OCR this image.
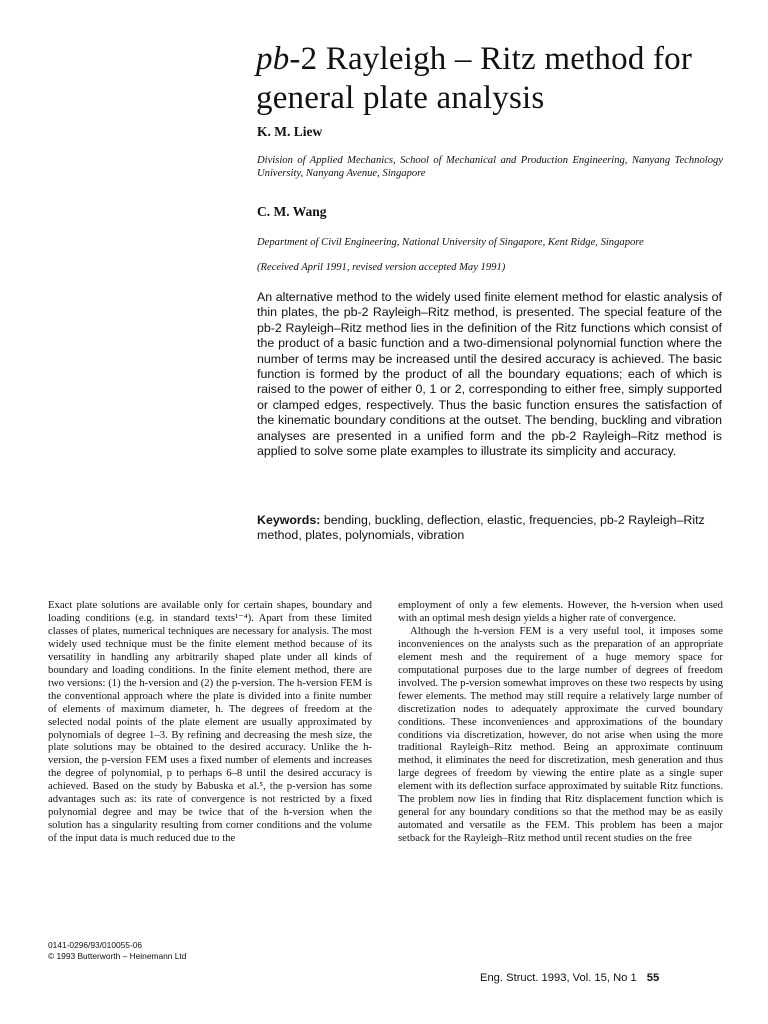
pb-2 Rayleigh – Ritz method for general plate analysis

K. M. Liew

Division of Applied Mechanics, School of Mechanical and Production Engineering, Nanyang Technology University, Nanyang Avenue, Singapore

C. M. Wang

Department of Civil Engineering, National University of Singapore, Kent Ridge, Singapore

(Received April 1991, revised version accepted May 1991)

An alternative method to the widely used finite element method for elastic analysis of thin plates, the pb-2 Rayleigh–Ritz method, is presented. The special feature of the pb-2 Rayleigh–Ritz method lies in the definition of the Ritz functions which consist of the product of a basic function and a two-dimensional polynomial function where the number of terms may be increased until the desired accuracy is achieved. The basic function is formed by the product of all the boundary equations; each of which is raised to the power of either 0, 1 or 2, corresponding to either free, simply supported or clamped edges, respectively. Thus the basic function ensures the satisfaction of the kinematic boundary conditions at the outset. The bending, buckling and vibration analyses are presented in a unified form and the pb-2 Rayleigh–Ritz method is applied to solve some plate examples to illustrate its simplicity and accuracy.

Keywords: bending, buckling, deflection, elastic, frequencies, pb-2 Rayleigh–Ritz method, plates, polynomials, vibration

Exact plate solutions are available only for certain shapes, boundary and loading conditions (e.g. in standard texts¹⁻⁴). Apart from these limited classes of plates, numerical techniques are necessary for analysis. The most widely used technique must be the finite element method because of its versatility in handling any arbitrarily shaped plate under all kinds of boundary and loading conditions. In the finite element method, there are two versions: (1) the h-version and (2) the p-version. The h-version FEM is the conventional approach where the plate is divided into a finite number of elements of maximum diameter, h. The degrees of freedom at the selected nodal points of the plate element are usually approximated by polynomials of degree 1–3. By refining and decreasing the mesh size, the plate solutions may be obtained to the desired accuracy. Unlike the h-version, the p-version FEM uses a fixed number of elements and increases the degree of polynomial, p to perhaps 6–8 until the desired accuracy is achieved. Based on the study by Babuska et al.⁵, the p-version has some advantages such as: its rate of convergence is not restricted by a fixed polynomial degree and may be twice that of the h-version when the solution has a singularity resulting from corner conditions and the volume of the input data is much reduced due to the

employment of only a few elements. However, the h-version when used with an optimal mesh design yields a higher rate of convergence.

Although the h-version FEM is a very useful tool, it imposes some inconveniences on the analysts such as the preparation of an appropriate element mesh and the requirement of a huge memory space for computational purposes due to the large number of degrees of freedom involved. The p-version somewhat improves on these two respects by using fewer elements. The method may still require a relatively large number of discretization nodes to adequately approximate the curved boundary conditions. These inconveniences and approximations of the boundary conditions via discretization, however, do not arise when using the more traditional Rayleigh–Ritz method. Being an approximate continuum method, it eliminates the need for discretization, mesh generation and thus large degrees of freedom by viewing the entire plate as a single super element with its deflection surface approximated by suitable Ritz functions. The problem now lies in finding that Ritz displacement function which is general for any boundary conditions so that the method may be as easily automated and versatile as the FEM. This problem has been a major setback for the Rayleigh–Ritz method until recent studies on the free

0141-0296/93/010055-06
© 1993 Butterworth – Heinemann Ltd

Eng. Struct. 1993, Vol. 15, No 1 55
